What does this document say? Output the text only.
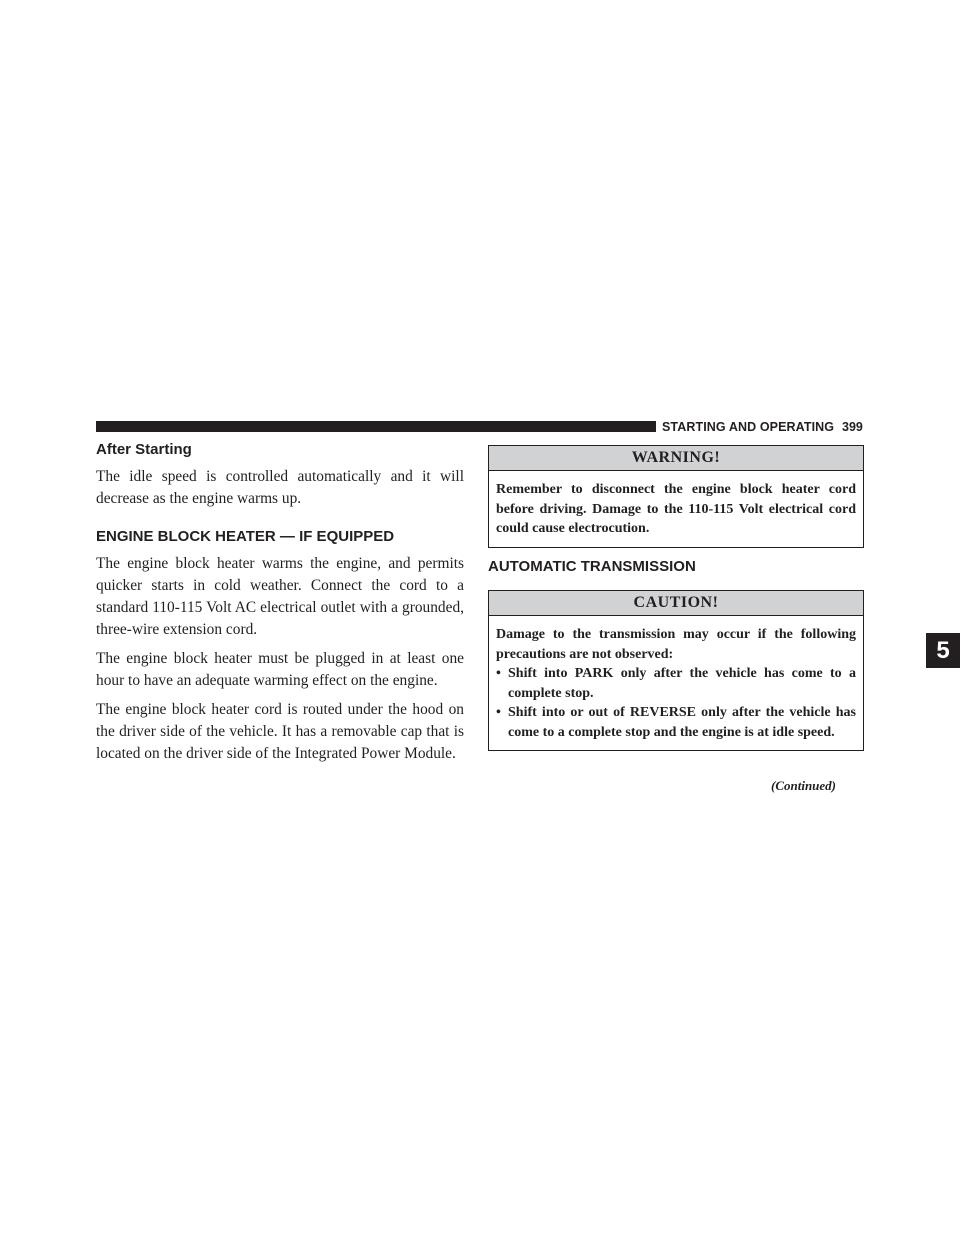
STARTING AND OPERATING 399
After Starting

The idle speed is controlled automatically and it will decrease as the engine warms up.

ENGINE BLOCK HEATER — IF EQUIPPED

The engine block heater warms the engine, and permits quicker starts in cold weather. Connect the cord to a standard 110-115 Volt AC electrical outlet with a grounded, three-wire extension cord.

The engine block heater must be plugged in at least one hour to have an adequate warming effect on the engine.

The engine block heater cord is routed under the hood on the driver side of the vehicle. It has a removable cap that is located on the driver side of the Integrated Power Module.

WARNING!

Remember to disconnect the engine block heater cord before driving. Damage to the 110-115 Volt electrical cord could cause electrocution.

AUTOMATIC TRANSMISSION
CAUTION!

Damage to the transmission may occur if the following precautions are not observed:

• Shift into PARK only after the vehicle has come to a complete stop.
• Shift into or out of REVERSE only after the vehicle has come to a complete stop and the engine is at idle speed.
(Continued)
5
